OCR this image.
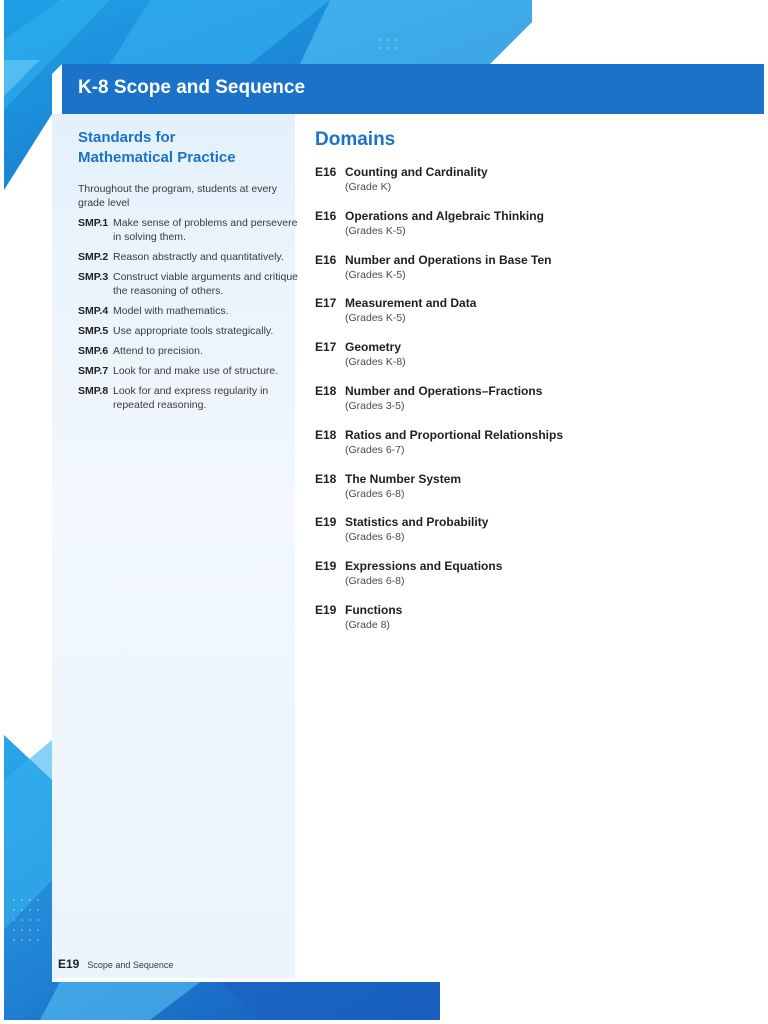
K-8 Scope and Sequence
Standards for
Mathematical Practice

Throughout the program, students at every grade level

SMP.1 Make sense of problems and persevere in solving them.
SMP.2 Reason abstractly and quantitatively.
SMP.3 Construct viable arguments and critique the reasoning of others.
SMP.4 Model with mathematics.
SMP.5 Use appropriate tools strategically.
SMP.6 Attend to precision.
SMP.7 Look for and make use of structure.
SMP.8 Look for and express regularity in repeated reasoning.
Domains
E16 Counting and Cardinality
(Grade K)
E16 Operations and Algebraic Thinking
(Grades K-5)
E16 Number and Operations in Base Ten
(Grades K-5)
E17 Measurement and Data
(Grades K-5)
E17 Geometry
(Grades K-8)
E18 Number and Operations–Fractions
(Grades 3-5)
E18 Ratios and Proportional Relationships
(Grades 6-7)
E18 The Number System
(Grades 6-8)
E19 Statistics and Probability
(Grades 6-8)
E19 Expressions and Equations
(Grades 6-8)
E19 Functions
(Grade 8)
E19 Scope and Sequence
